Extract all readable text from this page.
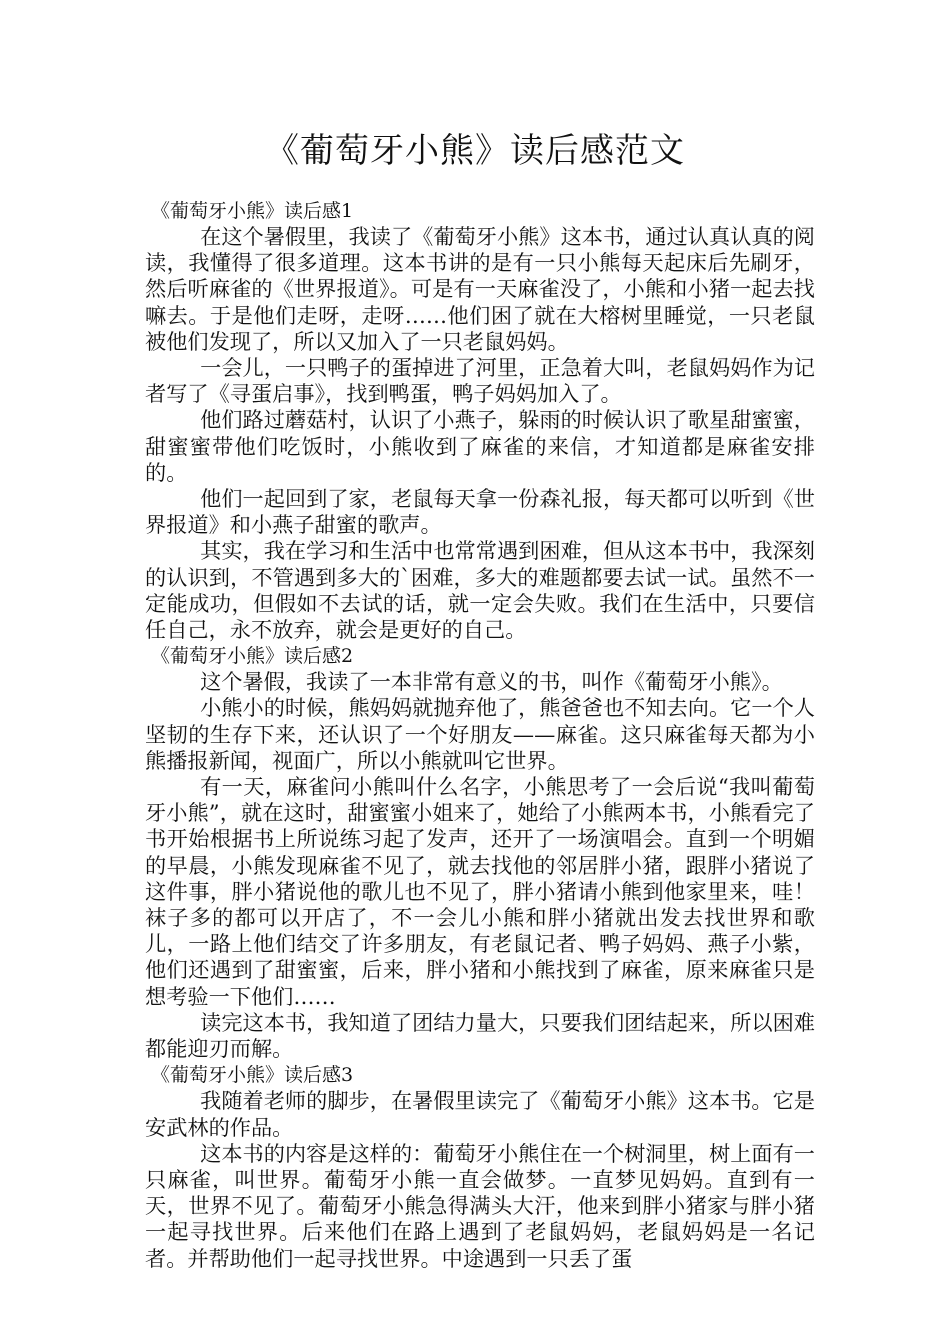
《葡萄牙小熊》读后感范文

《葡萄牙小熊》读后感1

在这个暑假里，我读了《葡萄牙小熊》这本书，通过认真认真的阅读，我懂得了很多道理。这本书讲的是有一只小熊每天起床后先刷牙，然后听麻雀的《世界报道》。可是有一天麻雀没了，小熊和小猪一起去找嘛去。于是他们走呀，走呀……他们困了就在大榕树里睡觉，一只老鼠被他们发现了，所以又加入了一只老鼠妈妈。

一会儿，一只鸭子的蛋掉进了河里，正急着大叫，老鼠妈妈作为记者写了《寻蛋启事》，找到鸭蛋，鸭子妈妈加入了。

他们路过蘑菇村，认识了小燕子，躲雨的时候认识了歌星甜蜜蜜，甜蜜蜜带他们吃饭时，小熊收到了麻雀的来信，才知道都是麻雀安排的。

他们一起回到了家，老鼠每天拿一份森礼报，每天都可以听到《世界报道》和小燕子甜蜜的歌声。

其实，我在学习和生活中也常常遇到困难，但从这本书中，我深刻的认识到，不管遇到多大的`困难，多大的难题都要去试一试。虽然不一定能成功，但假如不去试的话，就一定会失败。我们在生活中，只要信任自己，永不放弃，就会是更好的自己。

《葡萄牙小熊》读后感2

这个暑假，我读了一本非常有意义的书，叫作《葡萄牙小熊》。

小熊小的时候，熊妈妈就抛弃他了，熊爸爸也不知去向。它一个人坚韧的生存下来，还认识了一个好朋友——麻雀。这只麻雀每天都为小熊播报新闻，视面广，所以小熊就叫它世界。

有一天，麻雀问小熊叫什么名字，小熊思考了一会后说“我叫葡萄牙小熊”，就在这时，甜蜜蜜小姐来了，她给了小熊两本书，小熊看完了书开始根据书上所说练习起了发声，还开了一场演唱会。直到一个明媚的早晨，小熊发现麻雀不见了，就去找他的邻居胖小猪，跟胖小猪说了这件事，胖小猪说他的歌儿也不见了，胖小猪请小熊到他家里来，哇！袜子多的都可以开店了，不一会儿小熊和胖小猪就出发去找世界和歌儿，一路上他们结交了许多朋友，有老鼠记者、鸭子妈妈、燕子小紫，他们还遇到了甜蜜蜜，后来，胖小猪和小熊找到了麻雀，原来麻雀只是想考验一下他们……

读完这本书，我知道了团结力量大，只要我们团结起来，所以困难都能迎刃而解。

《葡萄牙小熊》读后感3

我随着老师的脚步，在暑假里读完了《葡萄牙小熊》这本书。它是安武林的作品。

这本书的内容是这样的：葡萄牙小熊住在一个树洞里，树上面有一只麻雀，叫世界。葡萄牙小熊一直会做梦。一直梦见妈妈。直到有一天，世界不见了。葡萄牙小熊急得满头大汗，他来到胖小猪家与胖小猪一起寻找世界。后来他们在路上遇到了老鼠妈妈，老鼠妈妈是一名记者。并帮助他们一起寻找世界。中途遇到一只丢了蛋
